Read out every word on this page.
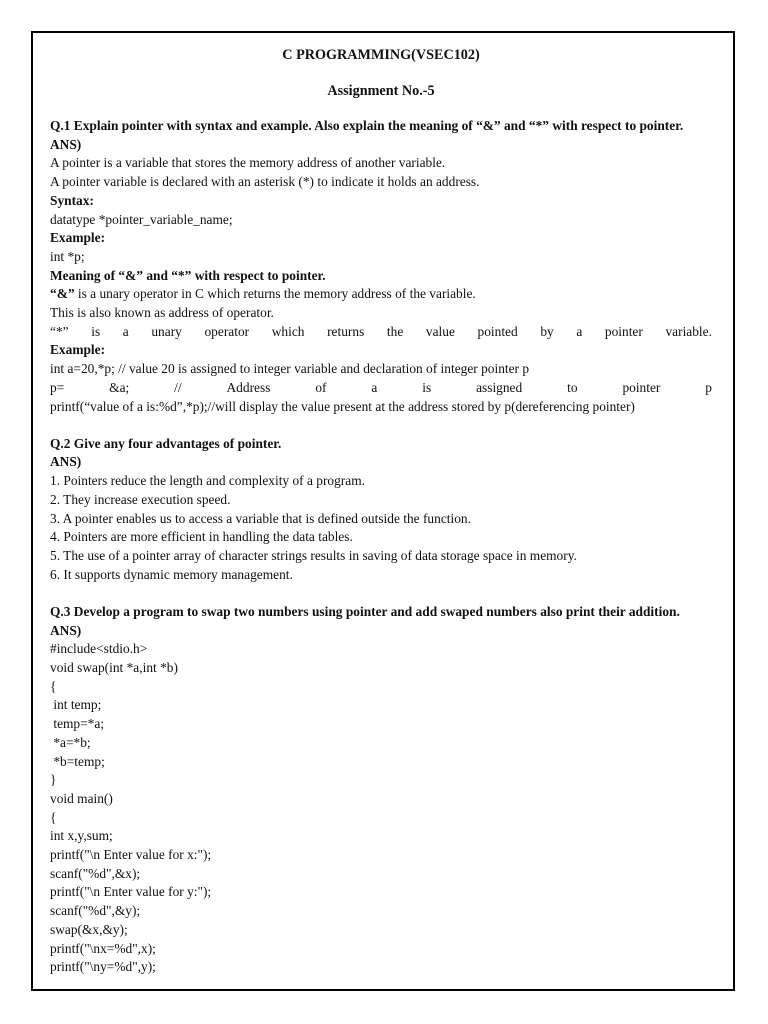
C PROGRAMMING(VSEC102)

Assignment No.-5

Q.1 Explain pointer with syntax and example. Also explain the meaning of “&” and “*” with respect to pointer.

ANS)

A pointer is a variable that stores the memory address of another variable.

A pointer variable is declared with an asterisk (*) to indicate it holds an address.

Syntax:

datatype *pointer_variable_name;

Example:

int *p;

Meaning of “&” and “*” with respect to pointer.

“&” is a unary operator in C which returns the memory address of the variable.

This is also known as address of operator.

“*” is a unary operator which returns the value pointed by a pointer variable.

Example:

int a=20,*p; // value 20 is assigned to integer variable and declaration of integer pointer p

p=	&a;	//	Address	of	a	is	assigned	to	pointer	p

printf(“value of a is:%d”,*p);//will display the value present at the address stored by p(dereferencing pointer)

Q.2 Give any four advantages of pointer.

ANS)

1. Pointers reduce the length and complexity of a program.

2. They increase execution speed.

3. A pointer enables us to access a variable that is defined outside the function.

4. Pointers are more efficient in handling the data tables.

5. The use of a pointer array of character strings results in saving of data storage space in memory.

6. It supports dynamic memory management.

Q.3 Develop a program to swap two numbers using pointer and add swaped numbers also print their addition.

ANS)

#include<stdio.h>

void swap(int *a,int *b)

{

int temp;

temp=*a;

*a=*b;

*b=temp;

}

void main()

{

int x,y,sum;

printf("\n Enter value for x:");

scanf("%d",&x);

printf("\n Enter value for y:");

scanf("%d",&y);

swap(&x,&y);

printf("\nx=%d",x);

printf("\ny=%d",y);
